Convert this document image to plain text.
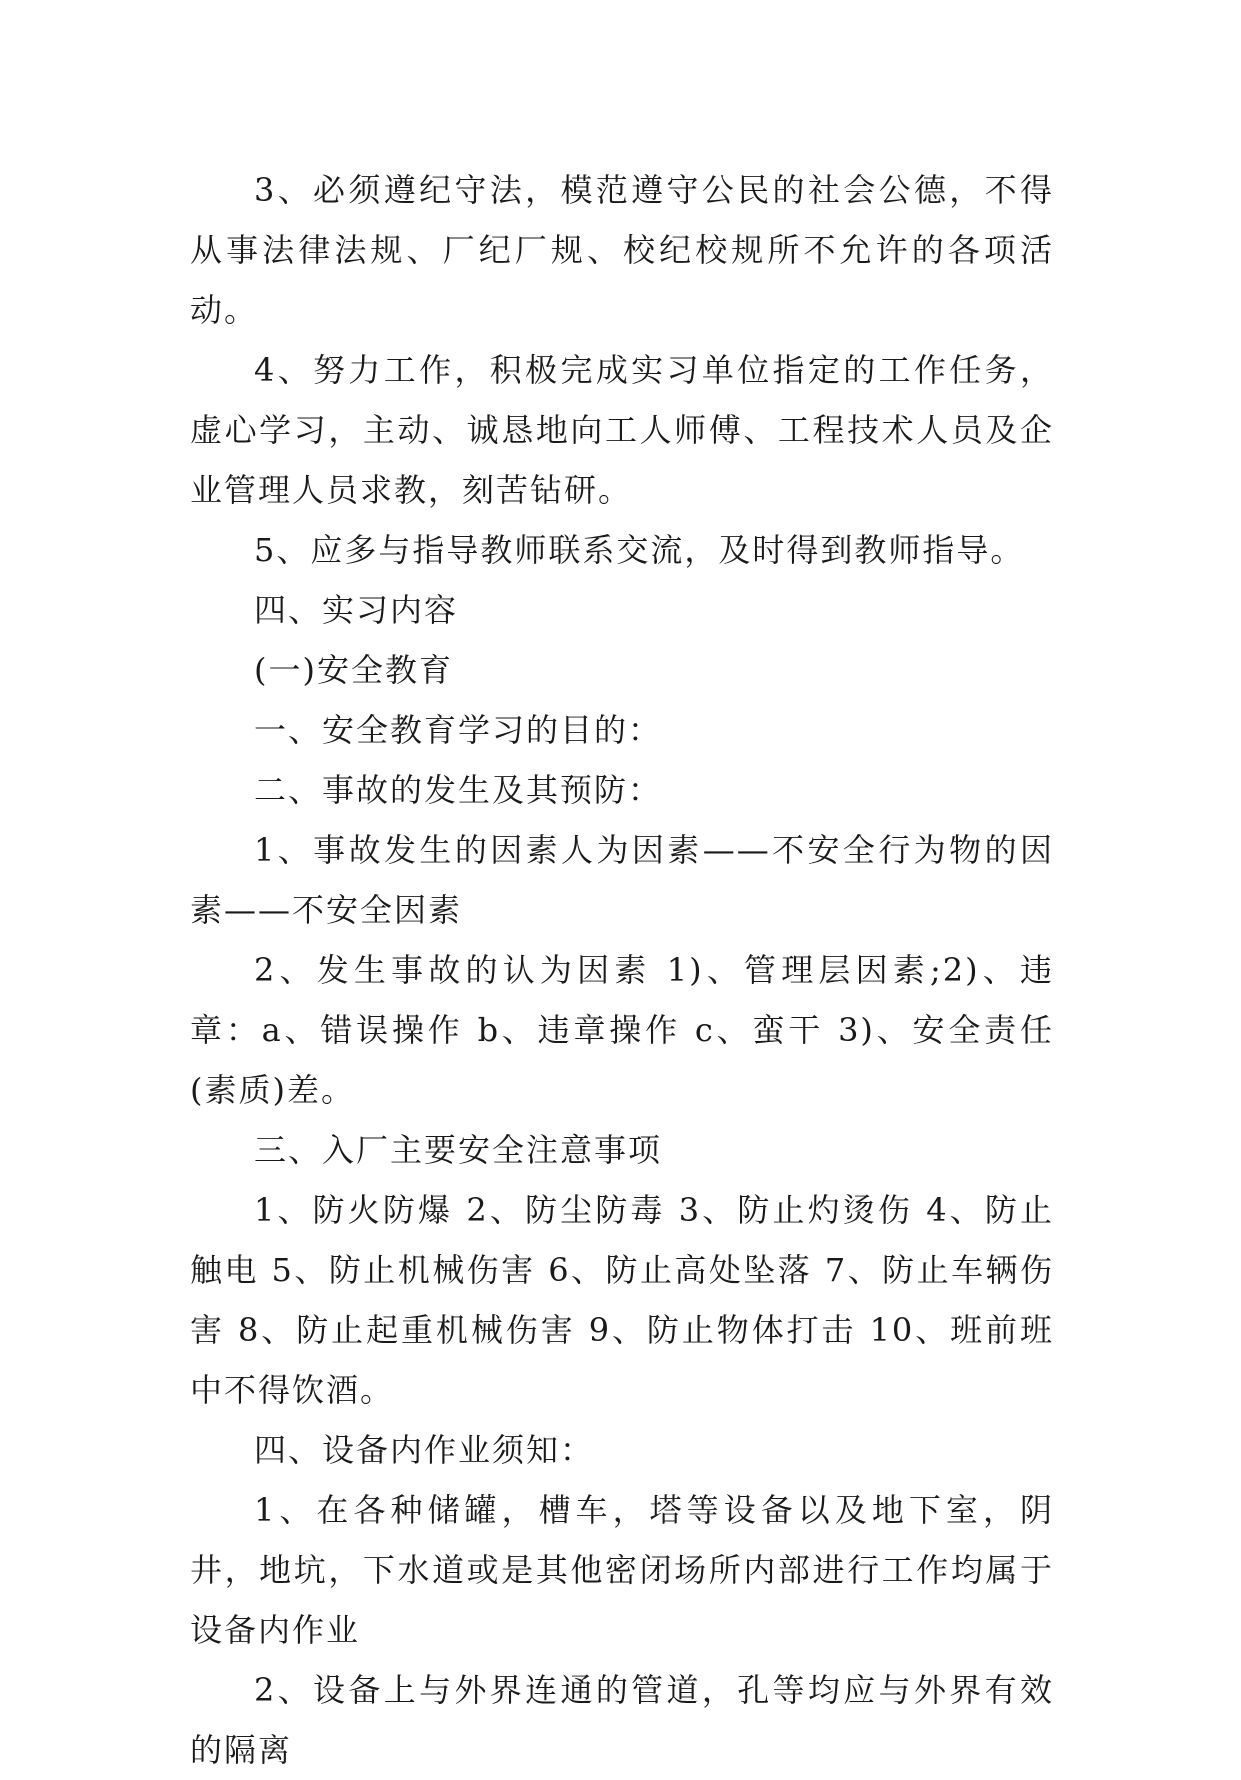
3、必须遵纪守法，模范遵守公民的社会公德，不得从事法律法规、厂纪厂规、校纪校规所不允许的各项活动。

4、努力工作，积极完成实习单位指定的工作任务，虚心学习，主动、诚恳地向工人师傅、工程技术人员及企业管理人员求教，刻苦钻研。

5、应多与指导教师联系交流，及时得到教师指导。

四、实习内容

(一)安全教育

一、安全教育学习的目的：

二、事故的发生及其预防：

1、事故发生的因素人为因素——不安全行为物的因素——不安全因素

2、发生事故的认为因素 1)、管理层因素;2)、违章：a、错误操作 b、违章操作 c、蛮干 3)、安全责任(素质)差。

三、入厂主要安全注意事项

1、防火防爆 2、防尘防毒 3、防止灼烫伤 4、防止触电 5、防止机械伤害 6、防止高处坠落 7、防止车辆伤害 8、防止起重机械伤害 9、防止物体打击 10、班前班中不得饮酒。

四、设备内作业须知：

1、在各种储罐，槽车，塔等设备以及地下室，阴井，地坑，下水道或是其他密闭场所内部进行工作均属于设备内作业

2、设备上与外界连通的管道，孔等均应与外界有效的隔离
